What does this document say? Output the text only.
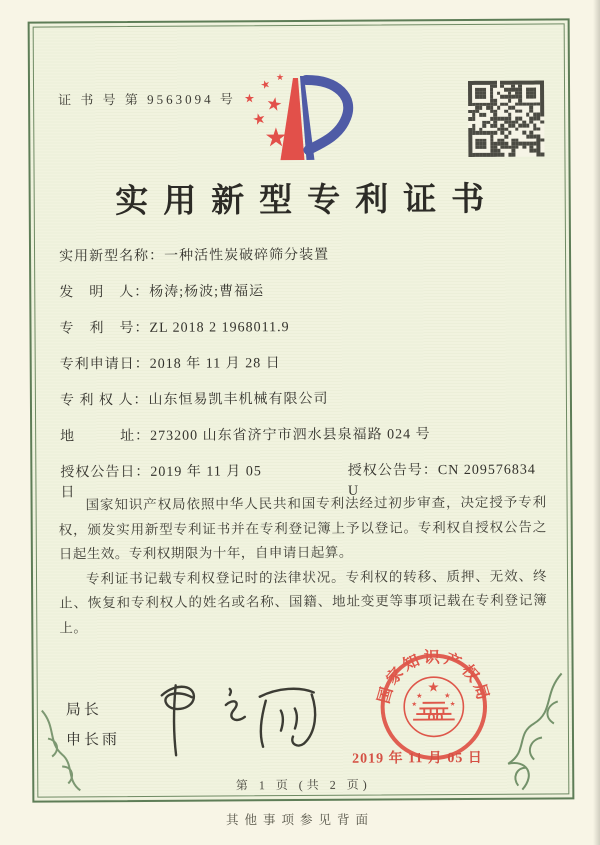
证 书 号 第 9563094 号
★
★
★
★
★
★
实用新型专利证书
实用新型名称：一种活性炭破碎筛分装置
发　明　人：杨涛;杨波;曹福运
专　利　号：ZL 2018 2 1968011.9
专利申请日：2018 年 11 月 28 日
专 利 权 人：山东恒易凯丰机械有限公司
地　　　址：273200 山东省济宁市泗水县泉福路 024 号
授权公告日：2019 年 11 月 05 日
授权公告号：CN 209576834 U

国家知识产权局依照中华人民共和国专利法经过初步审查，决定授予专利权，颁发实用新型专利证书并在专利登记簿上予以登记。专利权自授权公告之日起生效。专利权期限为十年，自申请日起算。

专利证书记载专利权登记时的法律状况。专利权的转移、质押、无效、终止、恢复和专利权人的姓名或名称、国籍、地址变更等事项记载在专利登记簿上。

局长
申长雨
国家知识产权局
★
★ ★
★	★
2019 年 11 月 05 日
第 1 页 (共 2 页)
其他事项参见背面
